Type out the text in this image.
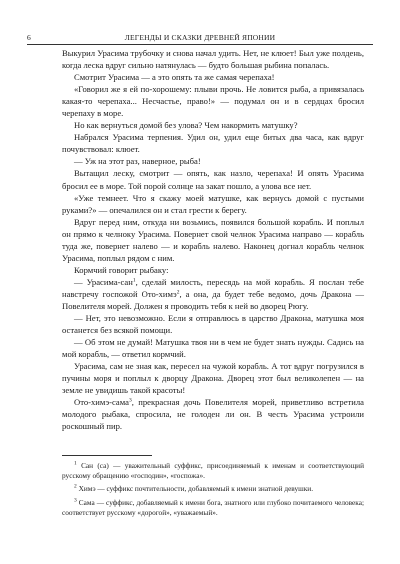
6	ЛЕГЕНДЫ И СКАЗКИ ДРЕВНЕЙ ЯПОНИИ

Выкурил Урасима трубочку и снова начал удить. Нет, не клюет! Был уже полдень, когда леска вдруг сильно натянулась — будто большая рыбина попалась.

Смотрит Урасима — а это опять та же самая черепаха!

«Говорил же я ей по-хорошему: плыви прочь. Не ловится рыба, а привязалась какая-то черепаха... Несчастье, право!» — подумал он и в сердцах бросил черепаху в море.

Но как вернуться домой без улова? Чем накормить матушку?

Набрался Урасима терпения. Удил он, удил еще битых два часа, как вдруг почувствовал: клюет.

— Уж на этот раз, наверное, рыба!

Вытащил леску, смотрит — опять, как назло, черепаха! И опять Урасима бросил ее в море. Той порой солнце на закат пошло, а улова все нет.

«Уже темнеет. Что я скажу моей матушке, как вернусь домой с пустыми руками?» — опечалился он и стал грести к берегу.

Вдруг перед ним, откуда ни возьмись, появился большой корабль. И поплыл он прямо к челноку Урасима. Повернет свой челнок Урасима направо — корабль туда же, повернет налево — и корабль налево. Наконец догнал корабль челнок Урасима, поплыл рядом с ним.

Кормчий говорит рыбаку:

— Урасима-сан$^1$, сделай милость, пересядь на мой корабль. Я послан тебе навстречу госпожой Ото-химэ$^2$, а она, да будет тебе ведомо, дочь Дракона — Повелителя морей. Должен я проводить тебя к ней во дворец Рюгу.

— Нет, это невозможно. Если я отправлюсь в царство Дракона, матушка моя останется без всякой помощи.

— Об этом не думай! Матушка твоя ни в чем не будет знать нужды. Садись на мой корабль, — ответил кормчий.

Урасима, сам не зная как, пересел на чужой корабль. А тот вдруг погрузился в пучины моря и поплыл к дворцу Дракона. Дворец этот был великолепен — на земле не увидишь такой красоты!

Ото-химэ-сама$^3$, прекрасная дочь Повелителя морей, приветливо встретила молодого рыбака, спросила, не голоден ли он. В честь Урасима устроили роскошный пир.

$^1$ Сан (са) — уважительный суффикс, присоединяемый к именам и соответствующий русскому обращению «господин», «госпожа».

$^2$ Химэ — суффикс почтительности, добавляемый к имени знатной девушки.

$^3$ Сама — суффикс, добавляемый к имени бога, знатного или глубоко почитаемого человека; соответствует русскому «дорогой», «уважаемый».
